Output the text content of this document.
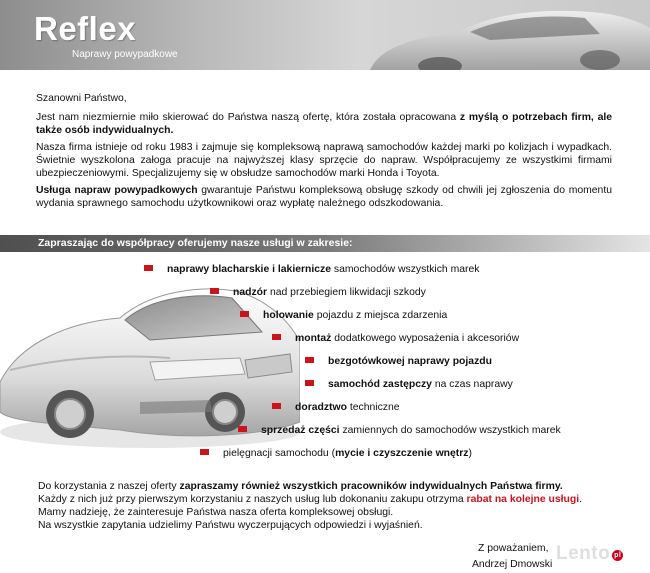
Reflex
Naprawy powypadkowe

Szanowni Państwo,

Jest nam niezmiernie miło skierować do Państwa naszą ofertę, która została opracowana z myślą o potrzebach firm, ale także osób indywidualnych.

Nasza firma istnieje od roku 1983 i zajmuje się kompleksową naprawą samochodów każdej marki po kolizjach i wypadkach. Świetnie wyszkolona załoga pracuje na najwyższej klasy sprzęcie do napraw. Współpracujemy ze wszystkimi firmami ubezpieczeniowymi. Specjalizujemy się w obsłudze samochodów marki Honda i Toyota.

Usługa napraw powypadkowych gwarantuje Państwu kompleksową obsługę szkody od chwili jej zgłoszenia do momentu wydania sprawnego samochodu użytkownikowi oraz wypłatę należnego odszkodowania.

Zapraszając do współpracy oferujemy nasze usługi w zakresie:
naprawy blacharskie i lakiernicze samochodów wszystkich marek
nadzór nad przebiegiem likwidacji szkody
holowanie pojazdu z miejsca zdarzenia
montaż dodatkowego wyposażenia i akcesoriów
bezgotówkowej naprawy pojazdu
samochód zastępczy na czas naprawy
doradztwo techniczne
sprzedaż części zamiennych do samochodów wszystkich marek
pielęgnacji samochodu (mycie i czyszczenie wnętrz)
Do korzystania z naszej oferty zapraszamy również wszystkich pracowników indywidualnych Państwa firmy.
Każdy z nich już przy pierwszym korzystaniu z naszych usług lub dokonaniu zakupu otrzyma rabat na kolejne usługi.
Mamy nadzieję, że zainteresuje Państwa nasza oferta kompleksowej obsługi.
Na wszystkie zapytania udzielimy Państwu wyczerpujących odpowiedzi i wyjaśnień.
Z poważaniem,
Andrzej Dmowski
Lento pl
